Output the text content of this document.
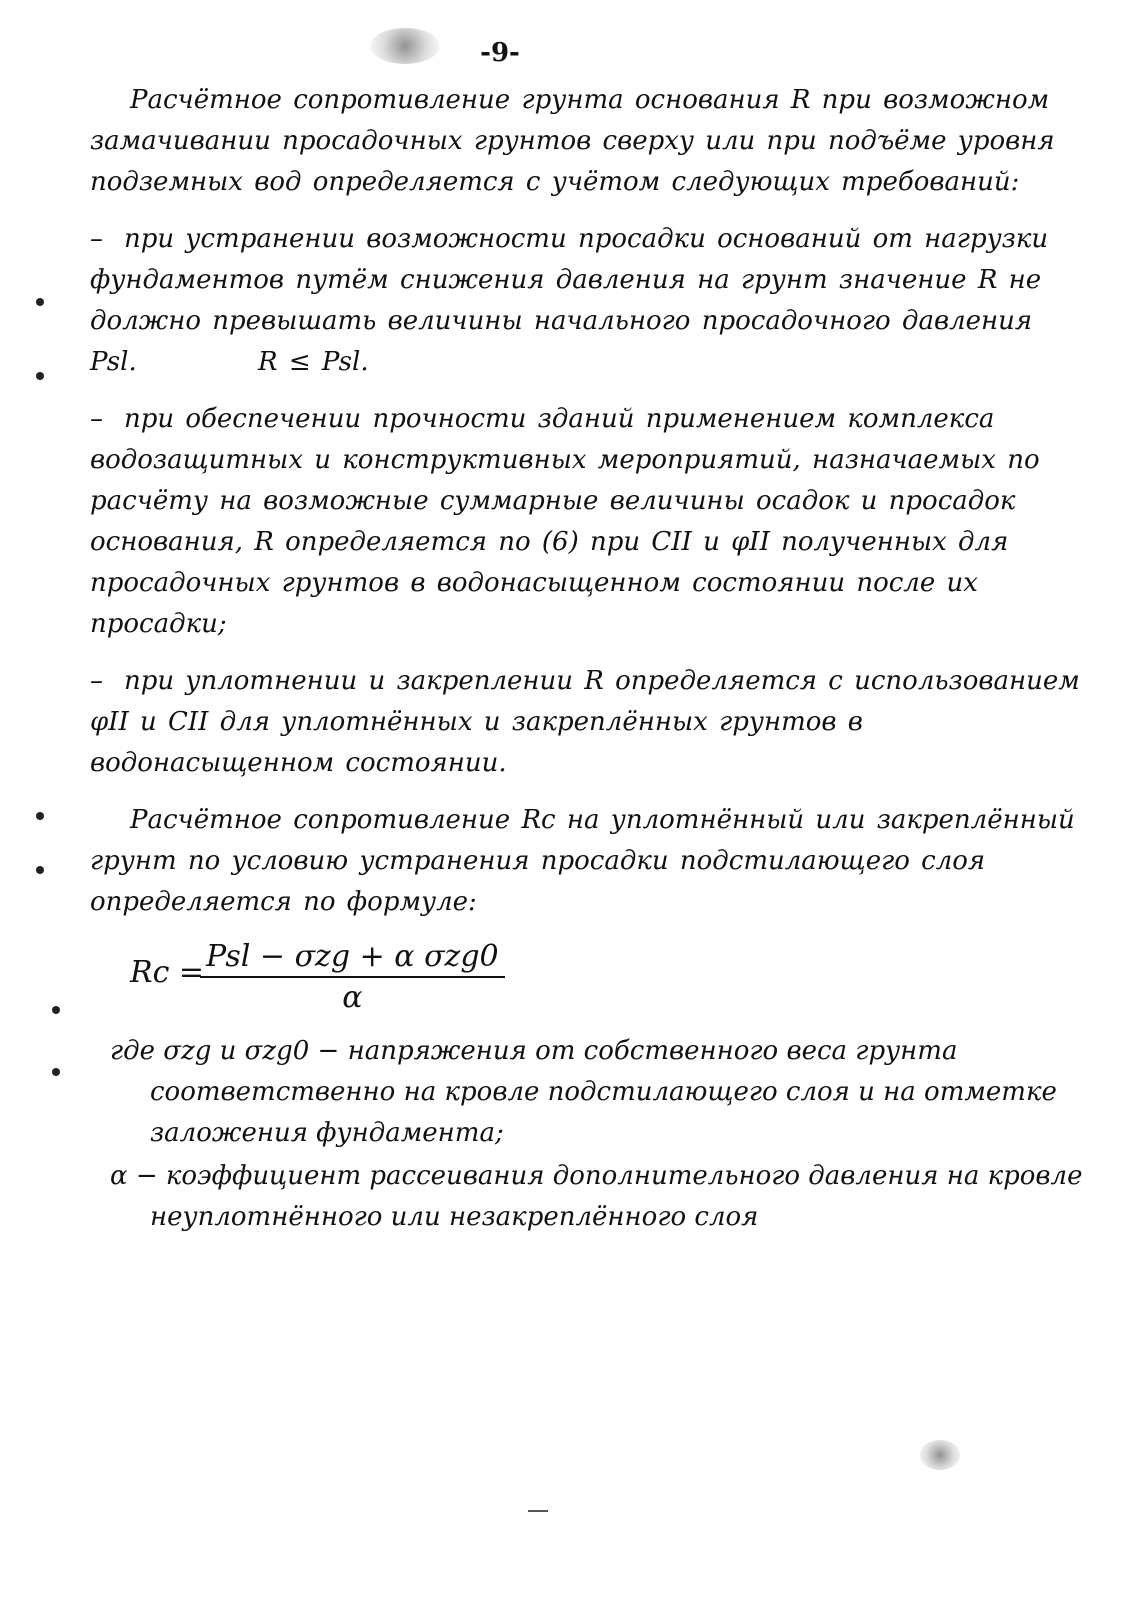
-9-

Расчётное сопротивление грунта основания R при возможном замачивании просадочных грунтов сверху или при подъёме уровня подземных вод определяется с учётом следующих требований:

– при устранении возможности просадки оснований от нагрузки фундаментов путём снижения давления на грунт значение R не должно превышать величины начального просадочного давления Psl.	R ≤ Psl.

– при обеспечении прочности зданий применением комплекса водозащитных и конструктивных мероприятий, назначаемых по расчёту на возможные суммарные величины осадок и просадок основания, R определяется по (6) при CII и φII полученных для просадочных грунтов в водонасыщенном состоянии после их просадки;

– при уплотнении и закреплении R определяется с использованием φII и CII для уплотнённых и закреплённых грунтов в водонасыщенном состоянии.

Расчётное сопротивление Rc на уплотнённый или закреплённый грунт по условию устранения просадки подстилающего слоя определяется по формуле:

Rc = Psl − σzg + α σzg0
α

где σzg и σzg0 − напряжения от собственного веса грунта соответственно на кровле подстилающего слоя и на отметке заложения фундамента;

α − коэффициент рассеивания дополнительного давления на кровле неуплотнённого или незакреплённого слоя
